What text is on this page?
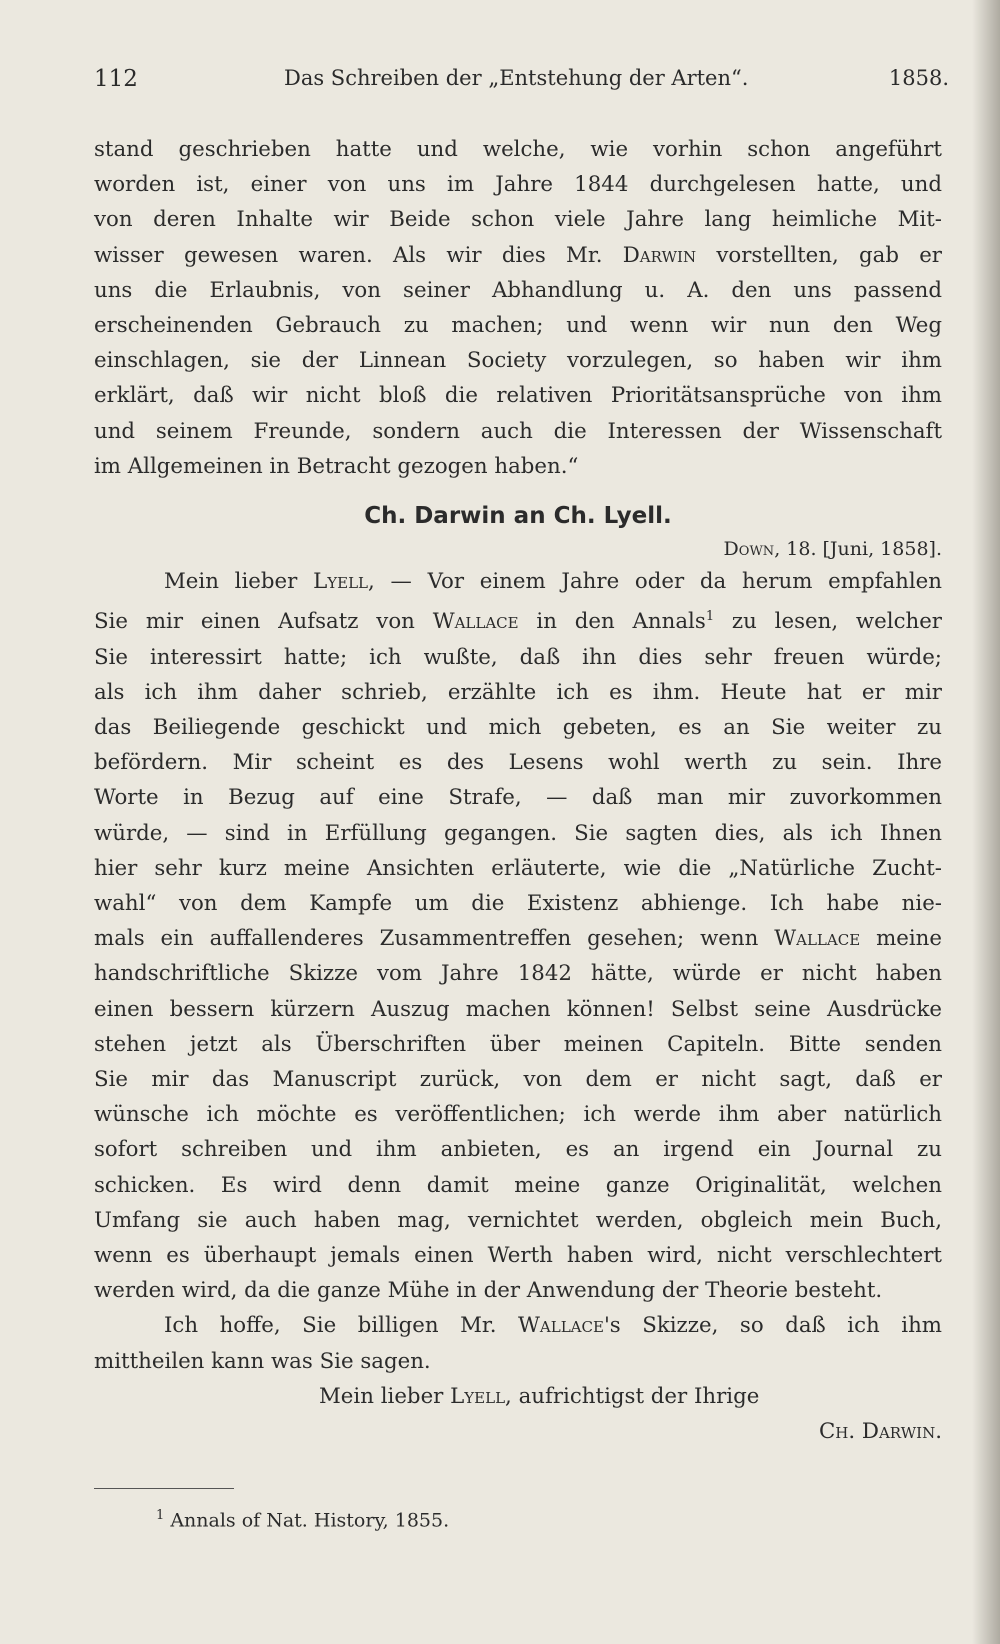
112	Das Schreiben der „Entstehung der Arten“.	1858.
stand geschrieben hatte und welche, wie vorhin schon angeführt
worden ist, einer von uns im Jahre 1844 durchgelesen hatte, und
von deren Inhalte wir Beide schon viele Jahre lang heimliche Mit-
wisser gewesen waren. Als wir dies Mr. Darwin vorstellten, gab er
uns die Erlaubnis, von seiner Abhandlung u. A. den uns passend
erscheinenden Gebrauch zu machen; und wenn wir nun den Weg
einschlagen, sie der Linnean Society vorzulegen, so haben wir ihm
erklärt, daß wir nicht bloß die relativen Prioritätsansprüche von ihm
und seinem Freunde, sondern auch die Interessen der Wissenschaft
im Allgemeinen in Betracht gezogen haben.“
Ch. Darwin an Ch. Lyell.
Down, 18. [Juni, 1858].
Mein lieber Lyell, — Vor einem Jahre oder da herum empfahlen
Sie mir einen Aufsatz von Wallace in den Annals$^1$ zu lesen, welcher
Sie interessirt hatte; ich wußte, daß ihn dies sehr freuen würde;
als ich ihm daher schrieb, erzählte ich es ihm. Heute hat er mir
das Beiliegende geschickt und mich gebeten, es an Sie weiter zu
befördern. Mir scheint es des Lesens wohl werth zu sein. Ihre
Worte in Bezug auf eine Strafe, — daß man mir zuvorkommen
würde, — sind in Erfüllung gegangen. Sie sagten dies, als ich Ihnen
hier sehr kurz meine Ansichten erläuterte, wie die „Natürliche Zucht-
wahl“ von dem Kampfe um die Existenz abhienge. Ich habe nie-
mals ein auffallenderes Zusammentreffen gesehen; wenn Wallace meine
handschriftliche Skizze vom Jahre 1842 hätte, würde er nicht haben
einen bessern kürzern Auszug machen können! Selbst seine Ausdrücke
stehen jetzt als Überschriften über meinen Capiteln. Bitte senden
Sie mir das Manuscript zurück, von dem er nicht sagt, daß er
wünsche ich möchte es veröffentlichen; ich werde ihm aber natürlich
sofort schreiben und ihm anbieten, es an irgend ein Journal zu
schicken. Es wird denn damit meine ganze Originalität, welchen
Umfang sie auch haben mag, vernichtet werden, obgleich mein Buch,
wenn es überhaupt jemals einen Werth haben wird, nicht verschlechtert
werden wird, da die ganze Mühe in der Anwendung der Theorie besteht.
Ich hoffe, Sie billigen Mr. Wallace's Skizze, so daß ich ihm
mittheilen kann was Sie sagen.
Mein lieber Lyell, aufrichtigst der Ihrige
Ch. Darwin.
$^1$ Annals of Nat. History, 1855.
